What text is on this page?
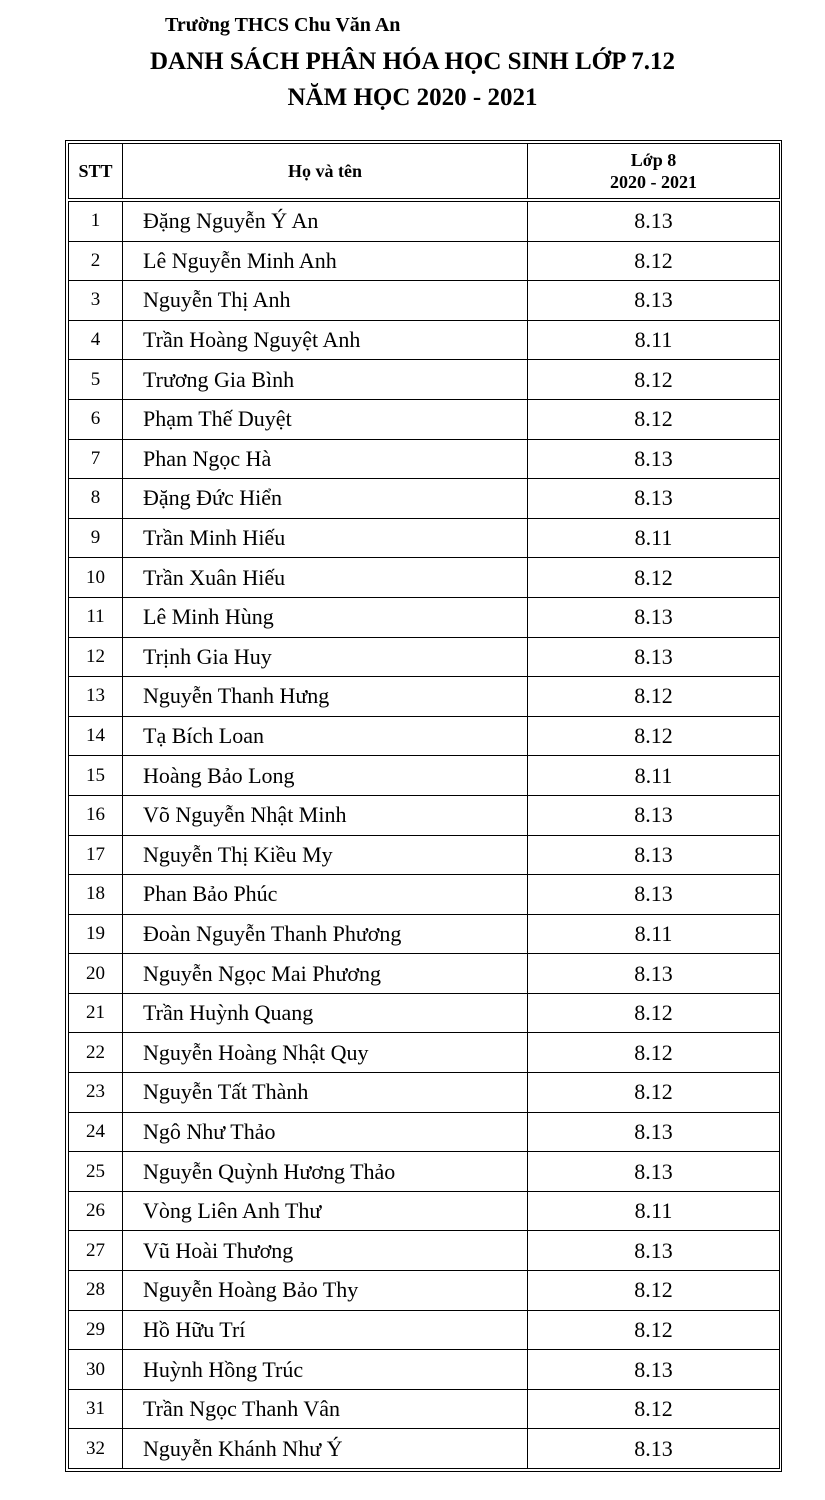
Trường THCS Chu Văn An
DANH SÁCH PHÂN HÓA HỌC SINH LỚP 7.12
NĂM HỌC 2020 - 2021
STT	Họ và tên	Lớp 8
2020 - 2021

1	Đặng Nguyễn Ý An	8.13
2	Lê Nguyễn Minh Anh	8.12
3	Nguyễn Thị Anh	8.13
4	Trần Hoàng Nguyệt Anh	8.11
5	Trương Gia Bình	8.12
6	Phạm Thế Duyệt	8.12
7	Phan Ngọc Hà	8.13
8	Đặng Đức Hiển	8.13
9	Trần Minh Hiếu	8.11
10	Trần Xuân Hiếu	8.12
11	Lê Minh Hùng	8.13
12	Trịnh Gia Huy	8.13
13	Nguyễn Thanh Hưng	8.12
14	Tạ Bích Loan	8.12
15	Hoàng Bảo Long	8.11
16	Võ Nguyễn Nhật Minh	8.13
17	Nguyễn Thị Kiều My	8.13
18	Phan Bảo Phúc	8.13
19	Đoàn Nguyễn Thanh Phương	8.11
20	Nguyễn Ngọc Mai Phương	8.13
21	Trần Huỳnh Quang	8.12
22	Nguyễn Hoàng Nhật Quy	8.12
23	Nguyễn Tất Thành	8.12
24	Ngô Như Thảo	8.13
25	Nguyễn Quỳnh Hương Thảo	8.13
26	Vòng Liên Anh Thư	8.11
27	Vũ Hoài Thương	8.13
28	Nguyễn Hoàng Bảo Thy	8.12
29	Hồ Hữu Trí	8.12
30	Huỳnh Hồng Trúc	8.13
31	Trần Ngọc Thanh Vân	8.12
32	Nguyễn Khánh Như Ý	8.13
